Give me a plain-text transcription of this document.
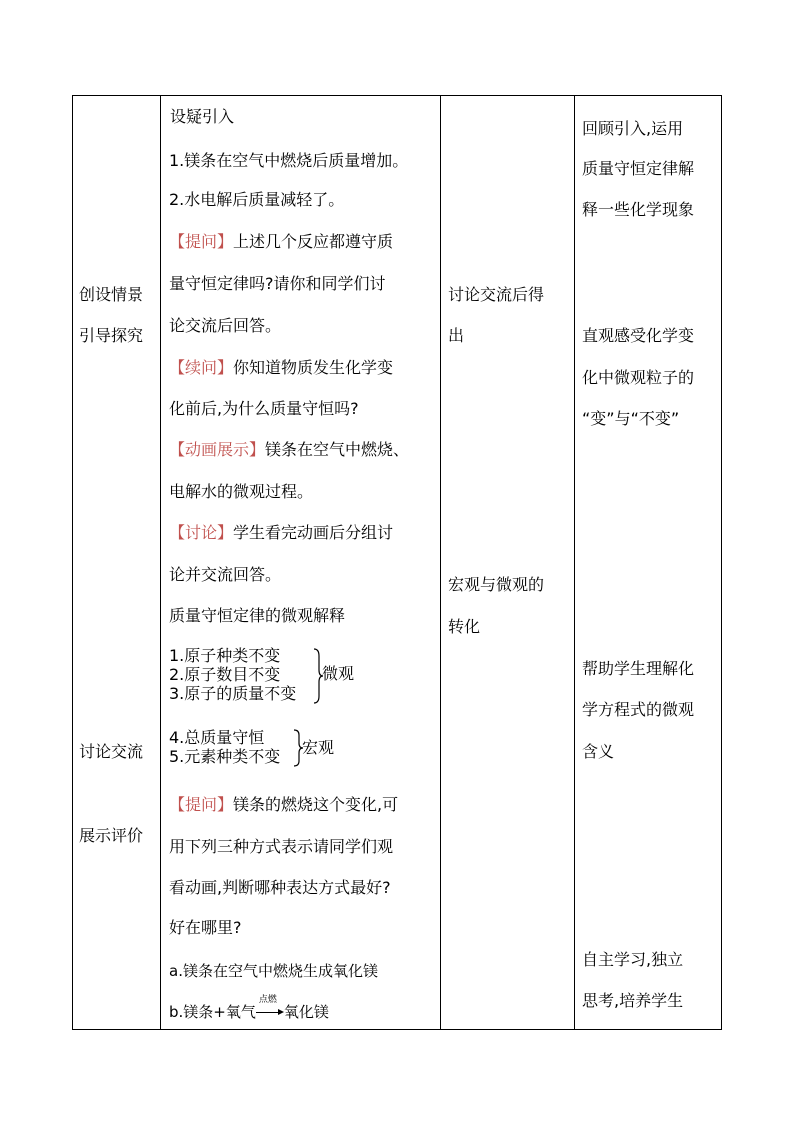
创设情景
引导探究
讨论交流
展示评价
设疑引入
1.镁条在空气中燃烧后质量增加。
2.水电解后质量减轻了。
【提问】上述几个反应都遵守质
量守恒定律吗?请你和同学们讨
论交流后回答。
【续问】你知道物质发生化学变
化前后,为什么质量守恒吗?
【动画展示】镁条在空气中燃烧、
电解水的微观过程。
【讨论】学生看完动画后分组讨
论并交流回答。
质量守恒定律的微观解释
1.原子种类不变
2.原子数目不变
3.原子的质量不变
微观
4.总质量守恒
5.元素种类不变 宏观
【提问】镁条的燃烧这个变化,可
用下列三种方式表示请同学们观
看动画,判断哪种表达方式最好?
好在哪里?
a.镁条在空气中燃烧生成氧化镁
b.镁条+氧气
点燃
氧化镁
讨论交流后得
出
宏观与微观的
转化
回顾引入,运用
质量守恒定律解
释一些化学现象
直观感受化学变
化中微观粒子的
“变”与“不变”
帮助学生理解化
学方程式的微观
含义
自主学习,独立
思考,培养学生
